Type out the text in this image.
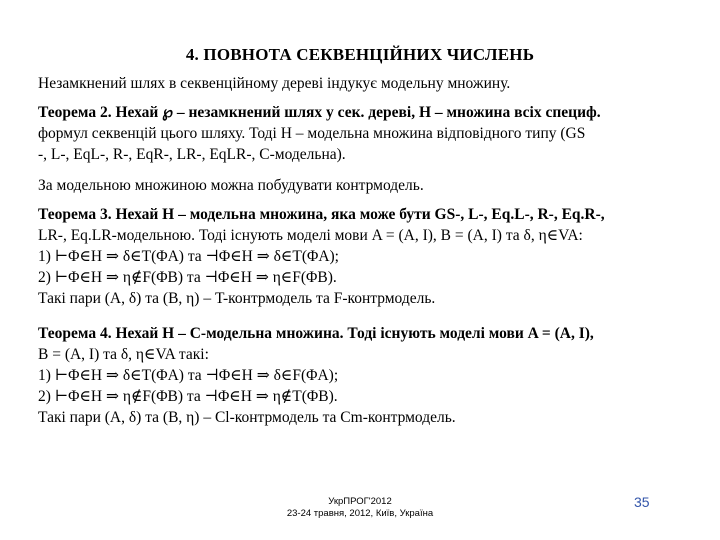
4. ПОВНОТА СЕКВЕНЦІЙНИХ ЧИСЛЕНЬ

Незамкнений шлях в секвенційному дереві індукує модельну множину.

Теорема 2. Нехай ℘ – незамкнений шлях у сек. дереві, H – множина всіх специф.

формул секвенцій цього шляху. Тоді H – модельна множина відповідного типу (GS

-, L-, EqL-, R-, EqR-, LR-, EqLR-, C-модельна).

За модельною множиною можна побудувати контрмодель.

Теорема 3. Нехай H – модельна множина, яка може бути GS-, L-, Eq.L-, R-, Eq.R-,

LR-, Eq.LR-модельною. Тоді існують моделі мови A = (A, I), B = (A, I) та δ, η∈VA:

1) ⊢Φ∈H ⇒ δ∈T(ΦA) та ⊣Φ∈H ⇒ δ∈T(ΦA);

2) ⊢Φ∈H ⇒ η∉F(ΦB) та ⊣Φ∈H ⇒ η∈F(ΦB).

Такі пари (A, δ) та (B, η) – T-контрмодель та F-контрмодель.

Теорема 4. Нехай H – C-модельна множина. Тоді існують моделі мови A = (A, I),

B = (A, I) та δ, η∈VA такі:

1) ⊢Φ∈H ⇒ δ∈T(ΦA) та ⊣Φ∈H ⇒ δ∈F(ΦA);

2) ⊢Φ∈H ⇒ η∉F(ΦB) та ⊣Φ∈H ⇒ η∉T(ΦB).

Такі пари (A, δ) та (B, η) – Cl-контрмодель та Cm-контрмодель.

УкрПРОГ'2012
23-24 травня, 2012, Київ, Україна
35
